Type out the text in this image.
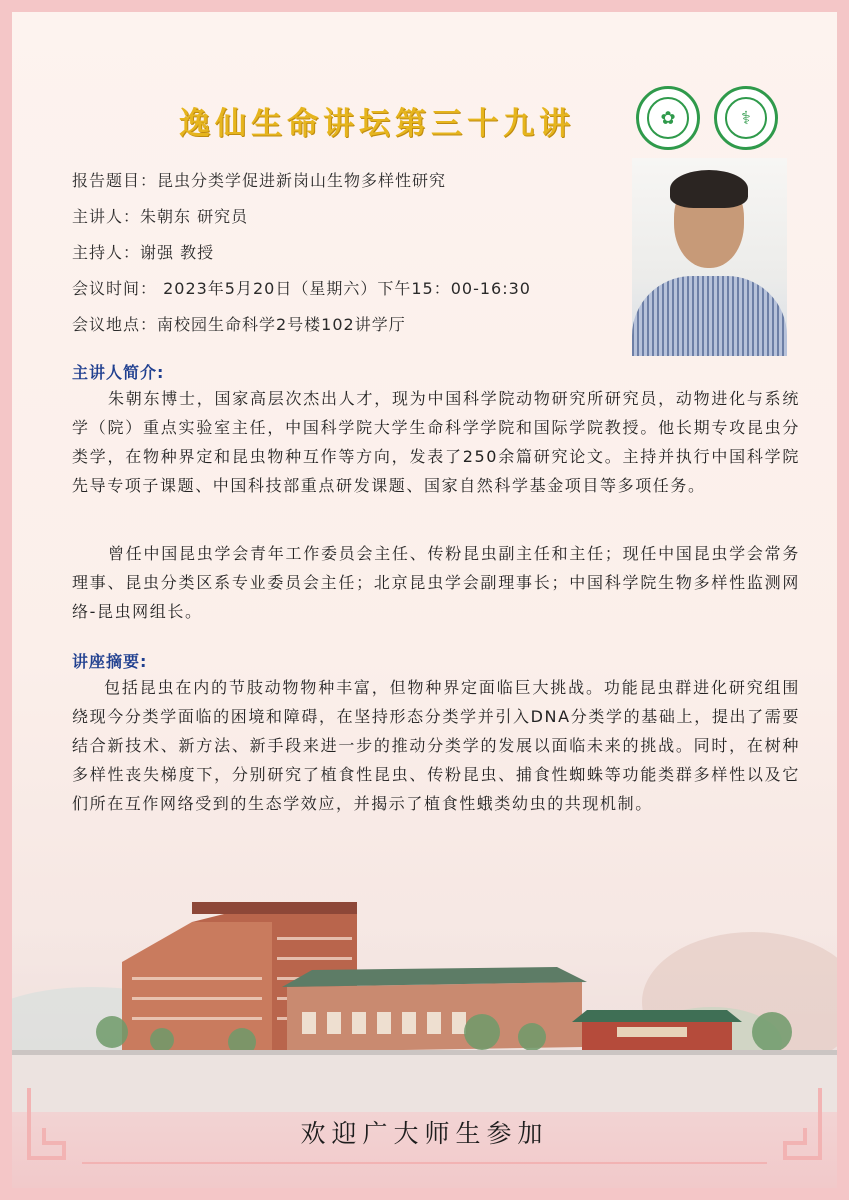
逸仙生命讲坛第三十九讲	✿	⚕
报告题目：昆虫分类学促进新岗山生物多样性研究
主讲人：朱朝东 研究员
主持人：谢强 教授
会议时间： 2023年5月20日（星期六）下午15：00-16:30
会议地点：南校园生命科学2号楼102讲学厅
主讲人简介:

朱朝东博士，国家高层次杰出人才，现为中国科学院动物研究所研究员，动物进化与系统学（院）重点实验室主任，中国科学院大学生命科学学院和国际学院教授。他长期专攻昆虫分类学，在物种界定和昆虫物种互作等方向，发表了250余篇研究论文。主持并执行中国科学院先导专项子课题、中国科技部重点研发课题、国家自然科学基金项目等多项任务。

曾任中国昆虫学会青年工作委员会主任、传粉昆虫副主任和主任；现任中国昆虫学会常务理事、昆虫分类区系专业委员会主任；北京昆虫学会副理事长；中国科学院生物多样性监测网络-昆虫网组长。

讲座摘要:

包括昆虫在内的节肢动物物种丰富，但物种界定面临巨大挑战。功能昆虫群进化研究组围绕现今分类学面临的困境和障碍，在坚持形态分类学并引入DNA分类学的基础上，提出了需要结合新技术、新方法、新手段来进一步的推动分类学的发展以面临未来的挑战。同时，在树种多样性丧失梯度下，分别研究了植食性昆虫、传粉昆虫、捕食性蜘蛛等功能类群多样性以及它们所在互作网络受到的生态学效应，并揭示了植食性蛾类幼虫的共现机制。

欢迎广大师生参加
